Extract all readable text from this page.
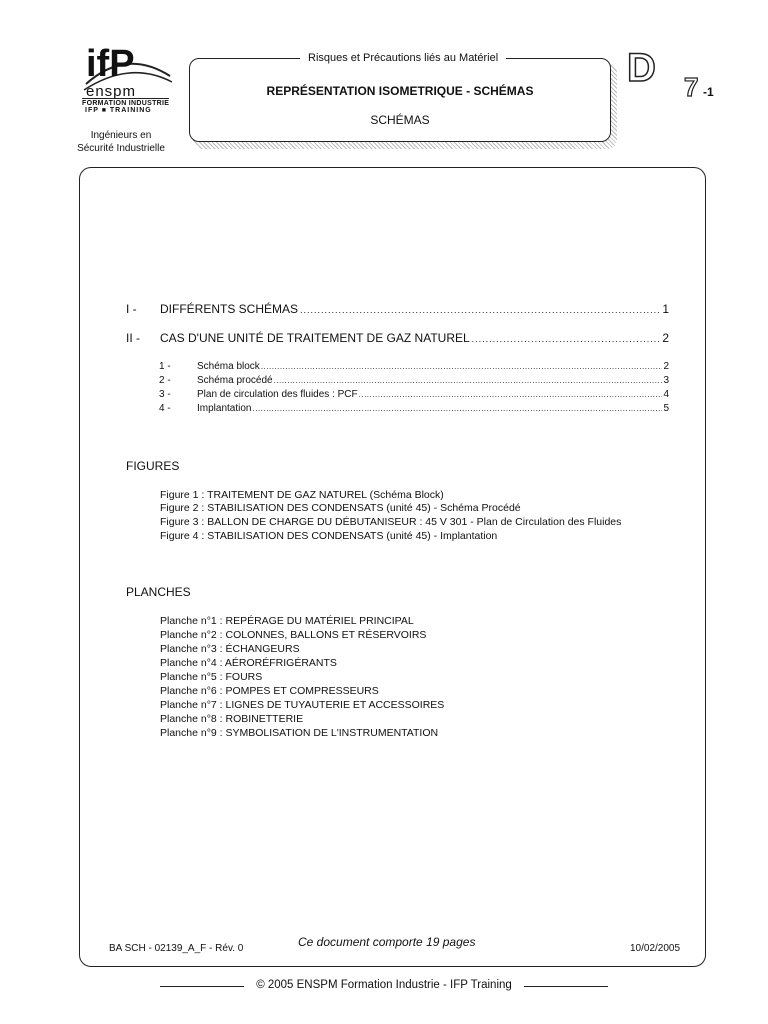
ifP
enspm
FORMATION INDUSTRIE
IFP ■ TRAINING
Ingénieurs en
Sécurité Industrielle
Risques et Précautions liés au Matériel
REPRÉSENTATION ISOMETRIQUE - SCHÉMAS
SCHÉMAS
D 7 -1
I -	DIFFÉRENTS SCHÉMAS .....	1
II -	CAS D'UNE UNITÉ DE TRAITEMENT DE GAZ NATUREL .....	2
1 -	Schéma block .....	2
2 -	Schéma procédé .....	3
3 -	Plan de circulation des fluides : PCF .....	4
4 -	Implantation .....	5
FIGURES
Figure 1 : TRAITEMENT DE GAZ NATUREL (Schéma Block)
Figure 2 : STABILISATION DES CONDENSATS (unité 45) - Schéma Procédé
Figure 3 : BALLON DE CHARGE DU DÉBUTANISEUR : 45 V 301 - Plan de Circulation des Fluides
Figure 4 : STABILISATION DES CONDENSATS (unité 45) - Implantation
PLANCHES
Planche n°1 : REPÉRAGE DU MATÉRIEL PRINCIPAL
Planche n°2 : COLONNES, BALLONS ET RÉSERVOIRS
Planche n°3 : ÉCHANGEURS
Planche n°4 : AÉRORÉFRIGÉRANTS
Planche n°5 : FOURS
Planche n°6 : POMPES ET COMPRESSEURS
Planche n°7 : LIGNES DE TUYAUTERIE ET ACCESSOIRES
Planche n°8 : ROBINETTERIE
Planche n°9 : SYMBOLISATION DE L'INSTRUMENTATION
BA SCH - 02139_A_F - Rév. 0	Ce document comporte 19 pages	10/02/2005
© 2005 ENSPM Formation Industrie - IFP Training
